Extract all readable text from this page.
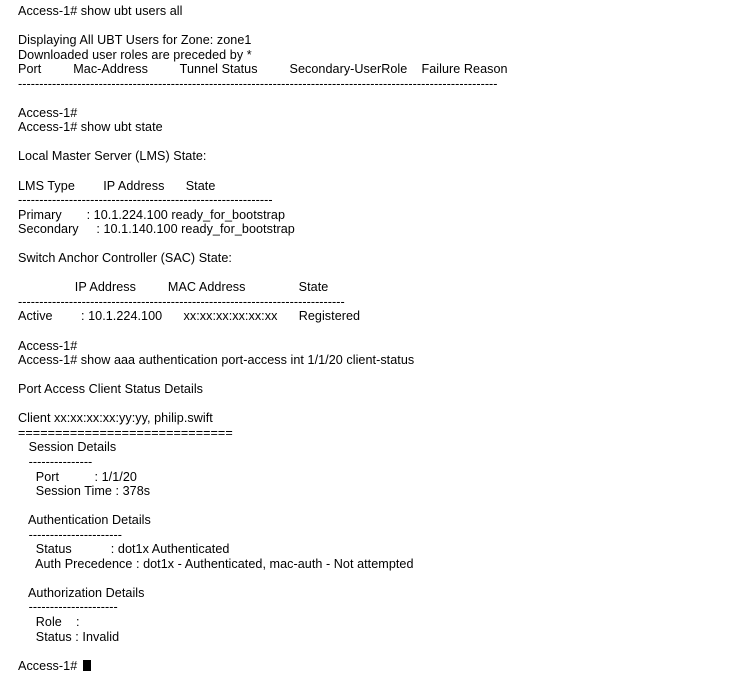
Access-1# show ubt users all
Displaying All UBT Users for Zone: zone1
Downloaded user roles are preceded by *
Port         Mac-Address         Tunnel Status         Secondary-UserRole    Failure Reason
-----------------------------------------------------------------------------------------------------------------
Access-1#
Access-1# show ubt state
Local Master Server (LMS) State:
LMS Type        IP Address      State
------------------------------------------------------------
Primary       : 10.1.224.100 ready_for_bootstrap
Secondary     : 10.1.140.100 ready_for_bootstrap
Switch Anchor Controller (SAC) State:
IP Address         MAC Address               State
-----------------------------------------------------------------------------
Active        : 10.1.224.100      xx:xx:xx:xx:xx:xx      Registered
Access-1#
Access-1# show aaa authentication port-access int 1/1/20 client-status
Port Access Client Status Details
Client xx:xx:xx:xx:yy:yy, philip.swift
=============================
Session Details
---------------
Port          : 1/1/20
Session Time : 378s
Authentication Details
----------------------
Status           : dot1x Authenticated
Auth Precedence : dot1x - Authenticated, mac-auth - Not attempted
Authorization Details
---------------------
Role    :
Status : Invalid
Access-1#
